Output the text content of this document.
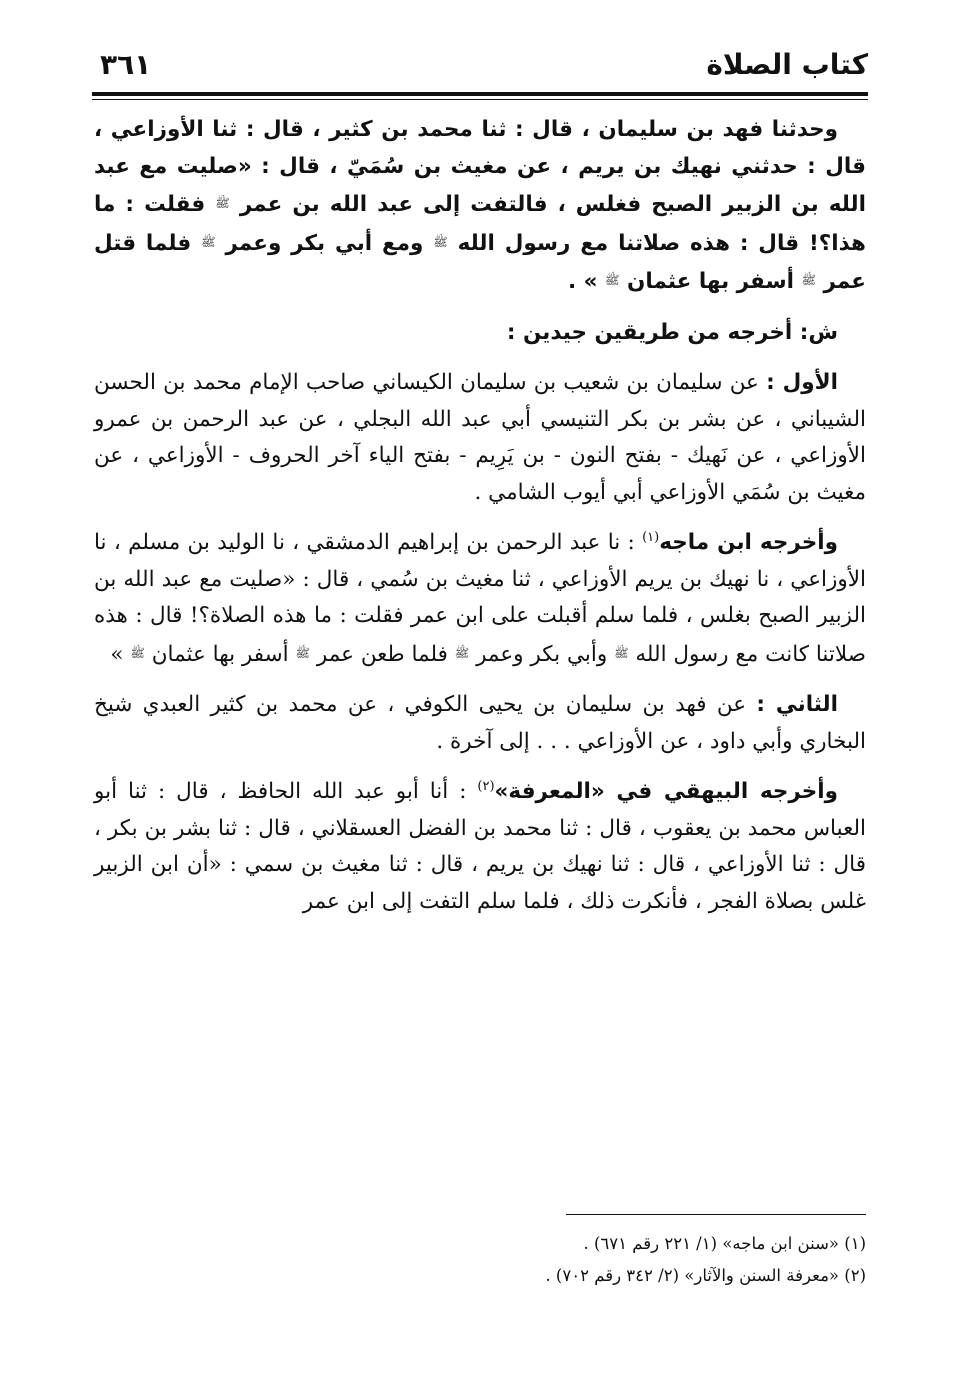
كتاب الصلاة
٣٦١

وحدثنا فهد بن سليمان ، قال : ثنا محمد بن كثير ، قال : ثنا الأوزاعي ، قال : حدثني نهيك بن يريم ، عن مغيث بن سُمَيّ ، قال : «صليت مع عبد الله بن الزبير الصبح فغلس ، فالتفت إلى عبد الله بن عمر ﷺ فقلت : ما هذا؟! قال : هذه صلاتنا مع رسول الله ﷺ ومع أبي بكر وعمر ﷺ فلما قتل عمر ﷺ أسفر بها عثمان ﷺ » .

ش: أخرجه من طريقين جيدين :

الأول : عن سليمان بن شعيب بن سليمان الكيساني صاحب الإمام محمد بن الحسن الشيباني ، عن بشر بن بكر التنيسي أبي عبد الله البجلي ، عن عبد الرحمن بن عمرو الأوزاعي ، عن نَهيك - بفتح النون - بن يَرِيم - بفتح الياء آخر الحروف - الأوزاعي ، عن مغيث بن سُمَي الأوزاعي أبي أيوب الشامي .

وأخرجه ابن ماجه$^{(١)}$ : نا عبد الرحمن بن إبراهيم الدمشقي ، نا الوليد بن مسلم ، نا الأوزاعي ، نا نهيك بن يريم الأوزاعي ، ثنا مغيث بن سُمي ، قال : «صليت مع عبد الله بن الزبير الصبح بغلس ، فلما سلم أقبلت على ابن عمر فقلت : ما هذه الصلاة؟! قال : هذه صلاتنا كانت مع رسول الله ﷺ وأبي بكر وعمر ﷺ فلما طعن عمر ﷺ أسفر بها عثمان ﷺ »

الثاني : عن فهد بن سليمان بن يحيى الكوفي ، عن محمد بن كثير العبدي شيخ البخاري وأبي داود ، عن الأوزاعي . . . إلى آخرة .

وأخرجه البيهقي في «المعرفة»$^{(٢)}$ : أنا أبو عبد الله الحافظ ، قال : ثنا أبو العباس محمد بن يعقوب ، قال : ثنا محمد بن الفضل العسقلاني ، قال : ثنا بشر بن بكر ، قال : ثنا الأوزاعي ، قال : ثنا نهيك بن يريم ، قال : ثنا مغيث بن سمي : «أن ابن الزبير غلس بصلاة الفجر ، فأنكرت ذلك ، فلما سلم التفت إلى ابن عمر

(١) «سنن ابن ماجه» (١/ ٢٢١ رقم ٦٧١) .

(٢) «معرفة السنن والآثار» (٢/ ٣٤٢ رقم ٧٠٢) .
